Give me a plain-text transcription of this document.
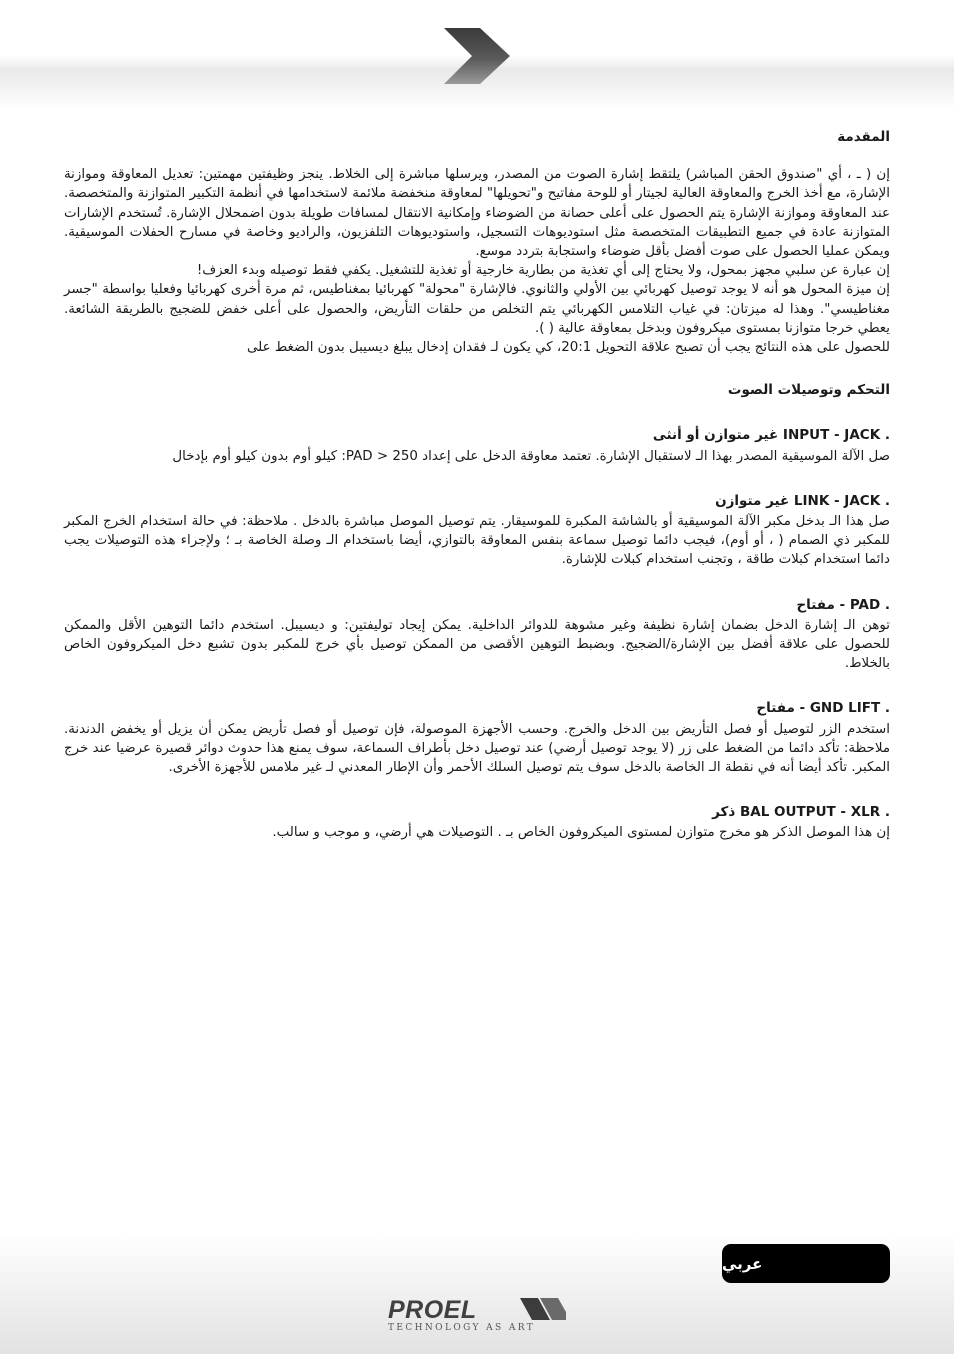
المقدمة

إن ( ـ ، أي "صندوق الحقن المباشر) يلتقط إشارة الصوت من المصدر، ويرسلها مباشرة إلى الخلاط. ينجز وظيفتين مهمتين: تعديل المعاوقة وموازنة الإشارة، مع أخذ الخرج والمعاوقة العالية لجيتار أو للوحة مفاتيح و"تحويلها" لمعاوقة منخفضة ملائمة لاستخدامها في أنظمة التكبير المتوازنة والمتخصصة. عند المعاوقة وموازنة الإشارة يتم الحصول على أعلى حصانة من الضوضاء وإمكانية الانتقال لمسافات طويلة بدون اضمحلال الإشارة. تُستخدم الإشارات المتوازنة عادة في جميع التطبيقات المتخصصة مثل استوديوهات التسجيل، واستوديوهات التلفزيون، والراديو وخاصة في مسارح الحفلات الموسيقية. ويمكن عمليا الحصول على صوت أفضل بأقل ضوضاء واستجابة بتردد موسع.

إن عبارة عن سلبي مجهز بمحول، ولا يحتاج إلى أي تغذية من بطارية خارجية أو تغذية للتشغيل. يكفي فقط توصيله وبدء العزف!

إن ميزة المحول هو أنه لا يوجد توصيل كهربائي بين الأولي والثانوي. فالإشارة "محولة" كهربائيا بمغناطيس، ثم مرة أخرى كهربائيا وفعليا بواسطة "جسر مغناطيسي". وهذا له ميزتان: في غياب التلامس الكهربائي يتم التخلص من حلقات التأريض، والحصول على أعلى خفض للضجيج بالطريقة الشائعة. يعطي خرجا متوازنا بمستوى ميكروفون وبدخل بمعاوقة عالية ( ).

للحصول على هذه النتائج يجب أن تصبح علاقة التحويل 20:1، كي يكون لـ فقدان إدخال يبلغ ديسيبل بدون الضغط على

التحكم وتوصيلات الصوت
. INPUT - JACK غير متوازن أو أنثى

صل الآلة الموسيقية المصدر بهذا الـ لاستقبال الإشارة. تعتمد معاوقة الدخل على إعداد 250 < PAD: كيلو أوم بدون كيلو أوم بإدخال

. LINK - JACK غير متوازن

صل هذا الـ بدخل مكبر الآلة الموسيقية أو بالشاشة المكبرة للموسيقار. يتم توصيل الموصل مباشرة بالدخل . ملاحظة: في حالة استخدام الخرج المكبر للمكبر ذي الصمام ( ، أو أوم)، فيجب دائما توصيل سماعة بنفس المعاوقة بالتوازي، أيضا باستخدام الـ وصلة الخاصة بـ ؛ ولإجراء هذه التوصيلات يجب دائما استخدام كبلات طاقة ، وتجنب استخدام كبلات للإشارة.

. PAD - مفتاح

توهن الـ إشارة الدخل بضمان إشارة نظيفة وغير مشوهة للدوائر الداخلية. يمكن إيجاد توليفتين: و ديسيبل. استخدم دائما التوهين الأقل والممكن للحصول على علاقة أفضل بين الإشارة/الضجيج. وبضبط التوهين الأقصى من الممكن توصيل بأي خرج للمكبر بدون تشبع دخل الميكروفون الخاص بالخلاط.

. GND LIFT - مفتاح

استخدم الزر لتوصيل أو فصل التأريض بين الدخل والخرج. وحسب الأجهزة الموصولة، فإن توصيل أو فصل تأريض يمكن أن يزيل أو يخفض الدندنة. ملاحظة: تأكد دائما من الضغط على زر (لا يوجد توصيل أرضي) عند توصيل دخل بأطراف السماعة، سوف يمنع هذا حدوث دوائر قصيرة عرضيا عند خرج المكبر. تأكد أيضا أنه في نقطة الـ الخاصة بالدخل سوف يتم توصيل السلك الأحمر وأن الإطار المعدني لـ غير ملامس للأجهزة الأخرى.

. BAL OUTPUT - XLR ذكر

إن هذا الموصل الذكر هو مخرج متوازن لمستوى الميكروفون الخاص بـ . التوصيلات هي أرضي، و موجب و سالب.

عربي
PROEL
TECHNOLOGY AS ART
